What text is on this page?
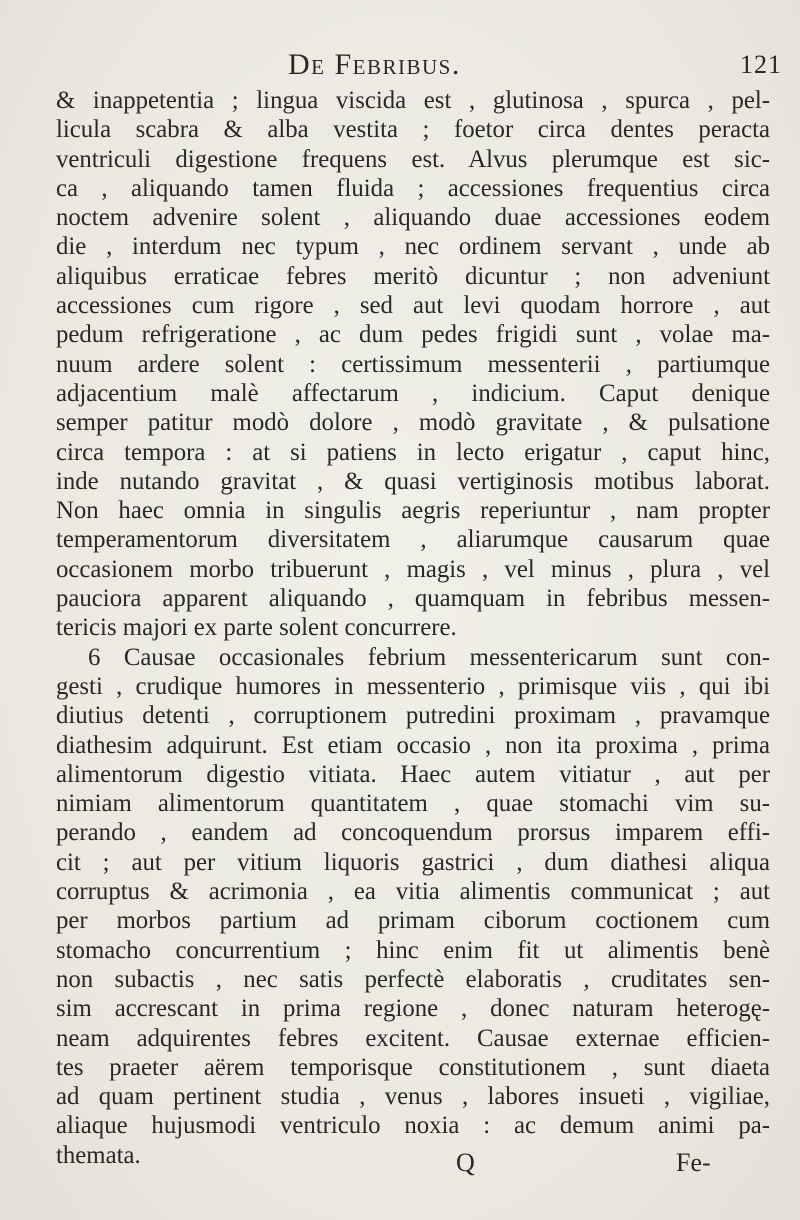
De Febribus.	121
& inappetentia ; lingua viscida est , glutinosa , spurca , pel-
licula scabra & alba vestita ; foetor circa dentes peracta
ventriculi digestione frequens est. Alvus plerumque est sic-
ca , aliquando tamen fluida ; accessiones frequentius circa
noctem advenire solent , aliquando duae accessiones eodem
die , interdum nec typum , nec ordinem servant , unde ab
aliquibus erraticae febres meritò dicuntur ; non adveniunt
accessiones cum rigore , sed aut levi quodam horrore , aut
pedum refrigeratione , ac dum pedes frigidi sunt , volae ma-
nuum ardere solent : certissimum messenterii , partiumque
adjacentium malè affectarum , indicium. Caput denique
semper patitur modò dolore , modò gravitate , & pulsatione
circa tempora : at si patiens in lecto erigatur , caput hinc,
inde nutando gravitat , & quasi vertiginosis motibus laborat.
Non haec omnia in singulis aegris reperiuntur , nam propter
temperamentorum diversitatem , aliarumque causarum quae
occasionem morbo tribuerunt , magis , vel minus , plura , vel
pauciora apparent aliquando , quamquam in febribus messen-
tericis majori ex parte solent concurrere.
6 Causae occasionales febrium messentericarum sunt con-
gesti , crudique humores in messenterio , primisque viis , qui ibi
diutius detenti , corruptionem putredini proximam , pravamque
diathesim adquirunt. Est etiam occasio , non ita proxima , prima
alimentorum digestio vitiata. Haec autem vitiatur , aut per
nimiam alimentorum quantitatem , quae stomachi vim su-
perando , eandem ad concoquendum prorsus imparem effi-
cit ; aut per vitium liquoris gastrici , dum diathesi aliqua
corruptus & acrimonia , ea vitia alimentis communicat ; aut
per morbos partium ad primam ciborum coctionem cum
stomacho concurrentium ; hinc enim fit ut alimentis benè
non subactis , nec satis perfectè elaboratis , cruditates sen-
sim accrescant in prima regione , donec naturam heterogę-
neam adquirentes febres excitent. Causae externae efficien-
tes praeter aërem temporisque constitutionem , sunt diaeta
ad quam pertinent studia , venus , labores insueti , vigiliae,
aliaque hujusmodi ventriculo noxia : ac demum animi pa-
themata.	Q	Fe-
